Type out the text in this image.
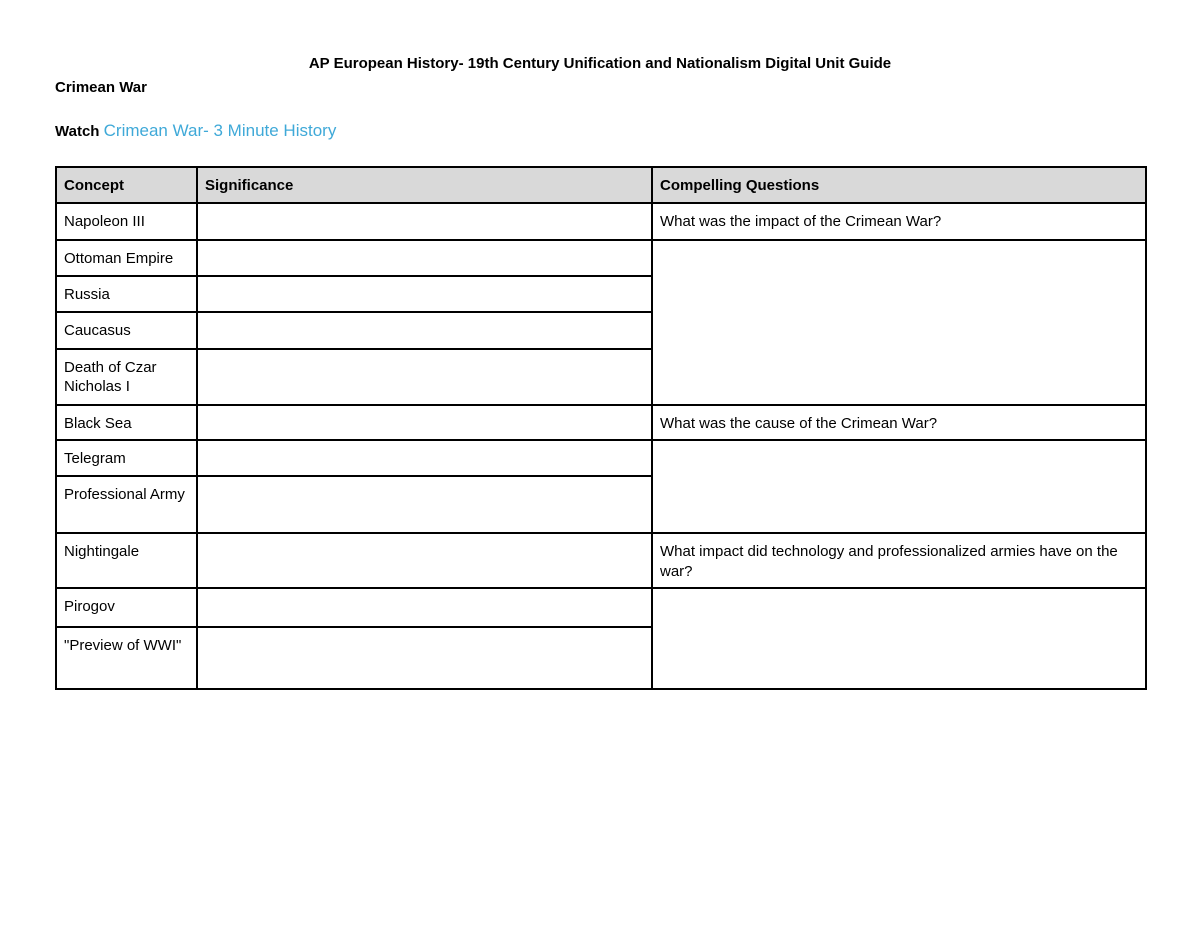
AP European History- 19th Century Unification and Nationalism Digital Unit Guide
Crimean War
Watch Crimean War- 3 Minute History
Concept	Significance	Compelling Questions
Napoleon III		What was the impact of the Crimean War?
Ottoman Empire		
Russia		
Caucasus		
Death of Czar Nicholas I		
Black Sea		What was the cause of the Crimean War?
Telegram		
Professional Army		
Nightingale		What impact did technology and professionalized armies have on the war?
Pirogov		
"Preview of WWI"		
